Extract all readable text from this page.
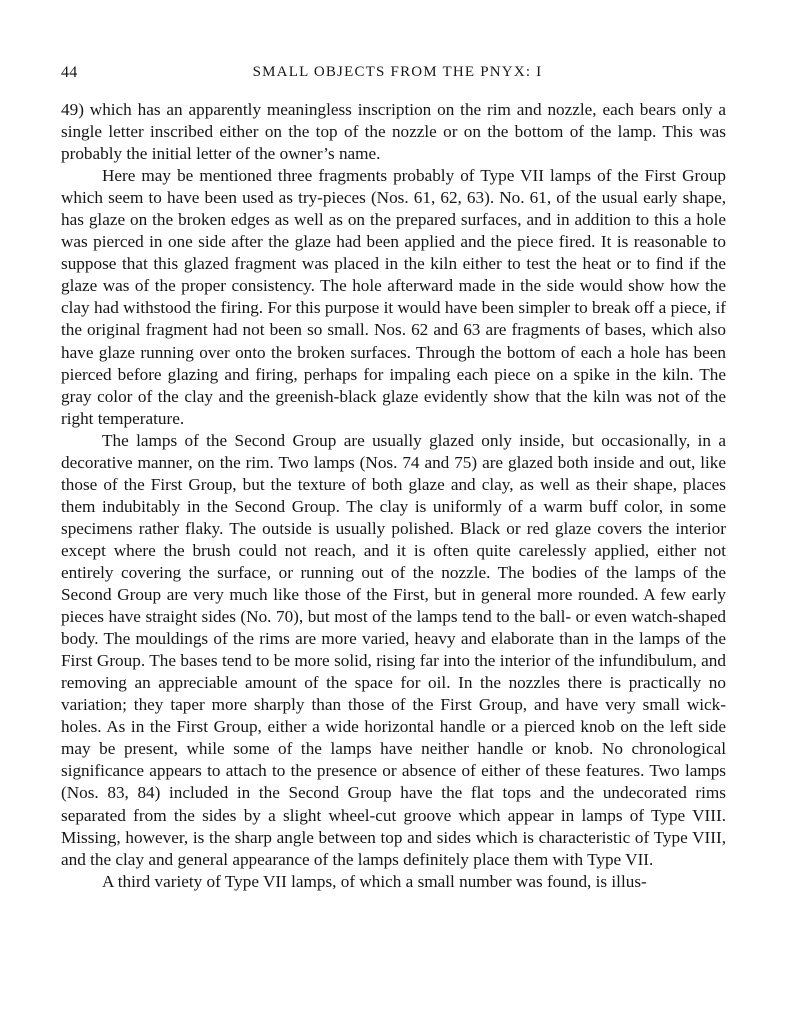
44	SMALL OBJECTS FROM THE PNYX: I

49) which has an apparently meaningless inscription on the rim and nozzle, each bears only a single letter inscribed either on the top of the nozzle or on the bottom of the lamp. This was probably the initial letter of the owner’s name.

Here may be mentioned three fragments probably of Type VII lamps of the First Group which seem to have been used as try-pieces (Nos. 61, 62, 63). No. 61, of the usual early shape, has glaze on the broken edges as well as on the prepared surfaces, and in addition to this a hole was pierced in one side after the glaze had been applied and the piece fired. It is reasonable to suppose that this glazed fragment was placed in the kiln either to test the heat or to find if the glaze was of the proper consistency. The hole afterward made in the side would show how the clay had withstood the firing. For this purpose it would have been simpler to break off a piece, if the original fragment had not been so small. Nos. 62 and 63 are fragments of bases, which also have glaze running over onto the broken surfaces. Through the bottom of each a hole has been pierced before glazing and firing, perhaps for impaling each piece on a spike in the kiln. The gray color of the clay and the greenish-black glaze evidently show that the kiln was not of the right temperature.

The lamps of the Second Group are usually glazed only inside, but occasionally, in a decorative manner, on the rim. Two lamps (Nos. 74 and 75) are glazed both inside and out, like those of the First Group, but the texture of both glaze and clay, as well as their shape, places them indubitably in the Second Group. The clay is uniformly of a warm buff color, in some specimens rather flaky. The outside is usually polished. Black or red glaze covers the interior except where the brush could not reach, and it is often quite carelessly applied, either not entirely covering the surface, or running out of the nozzle. The bodies of the lamps of the Second Group are very much like those of the First, but in general more rounded. A few early pieces have straight sides (No. 70), but most of the lamps tend to the ball- or even watch-shaped body. The mouldings of the rims are more varied, heavy and elaborate than in the lamps of the First Group. The bases tend to be more solid, rising far into the interior of the infundibulum, and removing an appreciable amount of the space for oil. In the nozzles there is practically no variation; they taper more sharply than those of the First Group, and have very small wick-holes. As in the First Group, either a wide horizontal handle or a pierced knob on the left side may be present, while some of the lamps have neither handle or knob. No chronological significance appears to attach to the presence or absence of either of these features. Two lamps (Nos. 83, 84) included in the Second Group have the flat tops and the undecorated rims separated from the sides by a slight wheel-cut groove which appear in lamps of Type VIII. Missing, however, is the sharp angle between top and sides which is characteristic of Type VIII, and the clay and general appearance of the lamps definitely place them with Type VII.

A third variety of Type VII lamps, of which a small number was found, is illus-
